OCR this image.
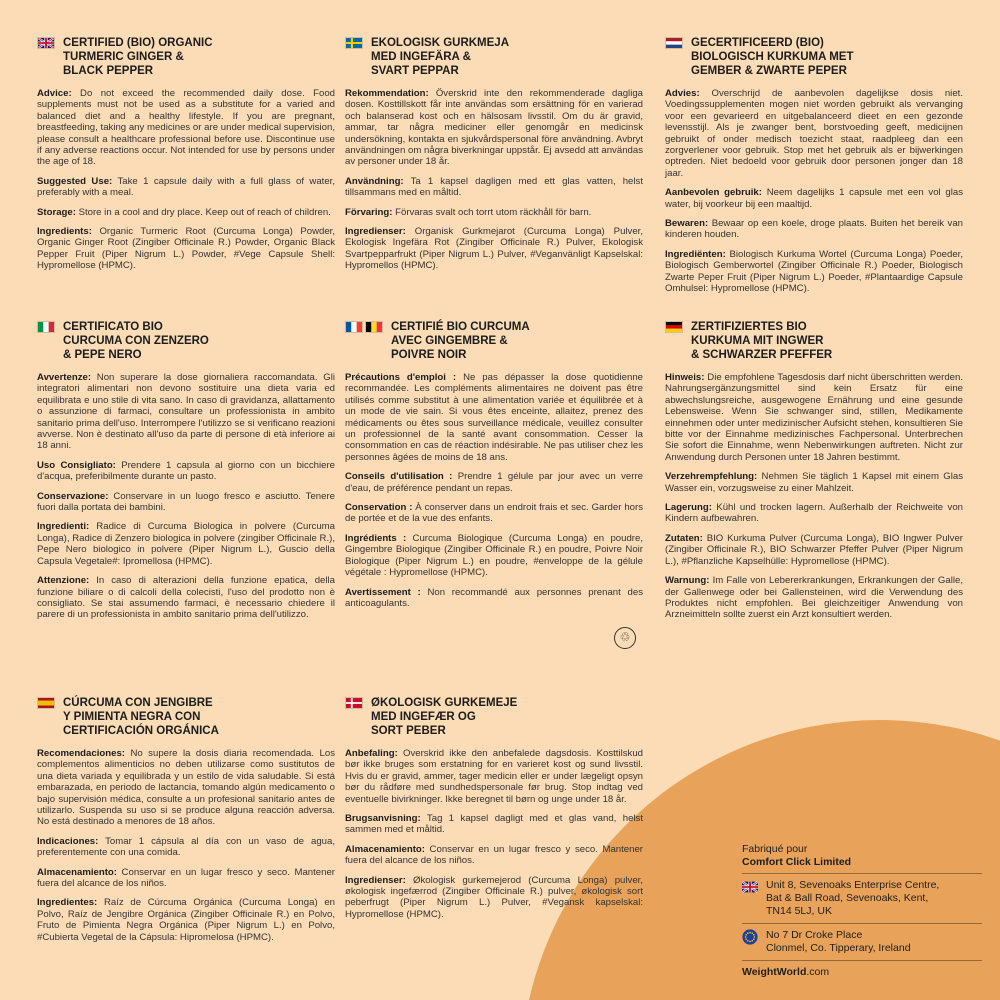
CERTIFIED (BIO) ORGANIC
TURMERIC GINGER &
BLACK PEPPER
Advice: Do not exceed the recommended daily dose. Food supplements must not be used as a substitute for a varied and balanced diet and a healthy lifestyle. If you are pregnant, breastfeeding, taking any medicines or are under medical supervision, please consult a healthcare professional before use. Discontinue use if any adverse reactions occur. Not intended for use by persons under the age of 18.
Suggested Use: Take 1 capsule daily with a full glass of water, preferably with a meal.
Storage: Store in a cool and dry place. Keep out of reach of children.
Ingredients: Organic Turmeric Root (Curcuma Longa) Powder, Organic Ginger Root (Zingiber Officinale R.) Powder, Organic Black Pepper Fruit (Piper Nigrum L.) Powder, #Vege Capsule Shell: Hypromellose (HPMC).
EKOLOGISK GURKMEJA
MED INGEFÄRA &
SVART PEPPAR
Rekommendation: Överskrid inte den rekommenderade dagliga dosen. Kosttillskott får inte användas som ersättning för en varierad och balanserad kost och en hälsosam livsstil. Om du är gravid, ammar, tar några mediciner eller genomgår en medicinsk undersökning, kontakta en sjukvårdspersonal före användning. Avbryt användningen om några biverkningar uppstår. Ej avsedd att användas av personer under 18 år.
Användning: Ta 1 kapsel dagligen med ett glas vatten, helst tillsammans med en måltid.
Förvaring: Förvaras svalt och torrt utom räckhåll för barn.
Ingredienser: Organisk Gurkmejarot (Curcuma Longa) Pulver, Ekologisk Ingefära Rot (Zingiber Officinale R.) Pulver, Ekologisk Svartpepparfrukt (Piper Nigrum L.) Pulver, #Veganvänligt Kapselskal: Hypromellos (HPMC).
GECERTIFICEERD (BIO)
BIOLOGISCH KURKUMA MET
GEMBER & ZWARTE PEPER
Advies: Overschrijd de aanbevolen dagelijkse dosis niet. Voedingssupplementen mogen niet worden gebruikt als vervanging voor een gevarieerd en uitgebalanceerd dieet en een gezonde levensstijl. Als je zwanger bent, borstvoeding geeft, medicijnen gebruikt of onder medisch toezicht staat, raadpleeg dan een zorgverlener voor gebruik. Stop met het gebruik als er bijwerkingen optreden. Niet bedoeld voor gebruik door personen jonger dan 18 jaar.
Aanbevolen gebruik: Neem dagelijks 1 capsule met een vol glas water, bij voorkeur bij een maaltijd.
Bewaren: Bewaar op een koele, droge plaats. Buiten het bereik van kinderen houden.
Ingrediënten: Biologisch Kurkuma Wortel (Curcuma Longa) Poeder, Biologisch Gemberwortel (Zingiber Officinale R.) Poeder, Biologisch Zwarte Peper Fruit (Piper Nigrum L.) Poeder, #Plantaardige Capsule Omhulsel: Hypromellose (HPMC).
CERTIFICATO BIO
CURCUMA CON ZENZERO
& PEPE NERO
Avvertenze: Non superare la dose giornaliera raccomandata. Gli integratori alimentari non devono sostituire una dieta varia ed equilibrata e uno stile di vita sano. In caso di gravidanza, allattamento o assunzione di farmaci, consultare un professionista in ambito sanitario prima dell'uso. Interrompere l'utilizzo se si verificano reazioni avverse. Non è destinato all'uso da parte di persone di età inferiore ai 18 anni.
Uso Consigliato: Prendere 1 capsula al giorno con un bicchiere d'acqua, preferibilmente durante un pasto.
Conservazione: Conservare in un luogo fresco e asciutto. Tenere fuori dalla portata dei bambini.
Ingredienti: Radice di Curcuma Biologica in polvere (Curcuma Longa), Radice di Zenzero biologica in polvere (zingiber Officinale R.), Pepe Nero biologico in polvere (Piper Nigrum L.), Guscio della Capsula Vegetale#: Ipromellosa (HPMC).
Attenzione: In caso di alterazioni della funzione epatica, della funzione biliare o di calcoli della colecisti, l'uso del prodotto non è consigliato. Se stai assumendo farmaci, è necessario chiedere il parere di un professionista in ambito sanitario prima dell'utilizzo.
CERTIFIÉ BIO CURCUMA
AVEC GINGEMBRE &
POIVRE NOIR
Précautions d'emploi : Ne pas dépasser la dose quotidienne recommandée. Les compléments alimentaires ne doivent pas être utilisés comme substitut à une alimentation variée et équilibrée et à un mode de vie sain. Si vous êtes enceinte, allaitez, prenez des médicaments ou êtes sous surveillance médicale, veuillez consulter un professionnel de la santé avant consommation. Cesser la consommation en cas de réaction indésirable. Ne pas utiliser chez les personnes âgées de moins de 18 ans.
Conseils d'utilisation : Prendre 1 gélule par jour avec un verre d'eau, de préférence pendant un repas.
Conservation : À conserver dans un endroit frais et sec. Garder hors de portée et de la vue des enfants.
Ingrédients : Curcuma Biologique (Curcuma Longa) en poudre, Gingembre Biologique (Zingiber Officinale R.) en poudre, Poivre Noir Biologique (Piper Nigrum L.) en poudre, #enveloppe de la gélule végétale : Hypromellose (HPMC).
Avertissement : Non recommandé aux personnes prenant des anticoagulants.
ZERTIFIZIERTES BIO
KURKUMA MIT INGWER
& SCHWARZER PFEFFER
Hinweis: Die empfohlene Tagesdosis darf nicht überschritten werden. Nahrungsergänzungsmittel sind kein Ersatz für eine abwechslungsreiche, ausgewogene Ernährung und eine gesunde Lebensweise. Wenn Sie schwanger sind, stillen, Medikamente einnehmen oder unter medizinischer Aufsicht stehen, konsultieren Sie bitte vor der Einnahme medizinisches Fachpersonal. Unterbrechen Sie sofort die Einnahme, wenn Nebenwirkungen auftreten. Nicht zur Anwendung durch Personen unter 18 Jahren bestimmt.
Verzehrempfehlung: Nehmen Sie täglich 1 Kapsel mit einem Glas Wasser ein, vorzugsweise zu einer Mahlzeit.
Lagerung: Kühl und trocken lagern. Außerhalb der Reichweite von Kindern aufbewahren.
Zutaten: BIO Kurkuma Pulver (Curcuma Longa), BIO Ingwer Pulver (Zingiber Officinale R.), BIO Schwarzer Pfeffer Pulver (Piper Nigrum L.), #Pflanzliche Kapselhülle: Hypromellose (HPMC).
Warnung: Im Falle von Lebererkrankungen, Erkrankungen der Galle, der Gallenwege oder bei Gallensteinen, wird die Verwendung des Produktes nicht empfohlen. Bei gleichzeitiger Anwendung von Arzneimitteln sollte zuerst ein Arzt konsultiert werden.
CÚRCUMA CON JENGIBRE
Y PIMIENTA NEGRA CON
CERTIFICACIÓN ORGÁNICA
Recomendaciones: No supere la dosis diaria recomendada. Los complementos alimenticios no deben utilizarse como sustitutos de una dieta variada y equilibrada y un estilo de vida saludable. Si está embarazada, en periodo de lactancia, tomando algún medicamento o bajo supervisión médica, consulte a un profesional sanitario antes de utilizarlo. Suspenda su uso si se produce alguna reacción adversa. No está destinado a menores de 18 años.
Indicaciones: Tomar 1 cápsula al día con un vaso de agua, preferentemente con una comida.
Almacenamiento: Conservar en un lugar fresco y seco. Mantener fuera del alcance de los niños.
Ingredientes: Raíz de Cúrcuma Orgánica (Curcuma Longa) en Polvo, Raíz de Jengibre Orgánica (Zingiber Officinale R.) en Polvo, Fruto de Pimienta Negra Orgánica (Piper Nigrum L.) en Polvo, #Cubierta Vegetal de la Cápsula: Hipromelosa (HPMC).
ØKOLOGISK GURKEMEJE
MED INGEFÆR OG
SORT PEBER
Anbefaling: Overskrid ikke den anbefalede dagsdosis. Kosttilskud bør ikke bruges som erstatning for en varieret kost og sund livsstil. Hvis du er gravid, ammer, tager medicin eller er under lægeligt opsyn bør du rådføre med sundhedspersonale før brug. Stop indtag ved eventuelle bivirkninger. Ikke beregnet til børn og unge under 18 år.
Brugsanvisning: Tag 1 kapsel dagligt med et glas vand, helst sammen med et måltid.
Almacenamiento: Conservar en un lugar fresco y seco. Mantener fuera del alcance de los niños.
Ingredienser: Økologisk gurkemejerod (Curcuma Longa) pulver, økologisk ingefærrod (Zingiber Officinale R.) pulver, økologisk sort peberfrugt (Piper Nigrum L.) Pulver, #Vegansk kapselskal: Hypromellose (HPMC).
♲
Fabriqué pour
Comfort Click Limited
Unit 8, Sevenoaks Enterprise Centre,
Bat & Ball Road, Sevenoaks, Kent,
TN14 5LJ, UK
No 7 Dr Croke Place
Clonmel, Co. Tipperary, Ireland
WeightWorld.com
